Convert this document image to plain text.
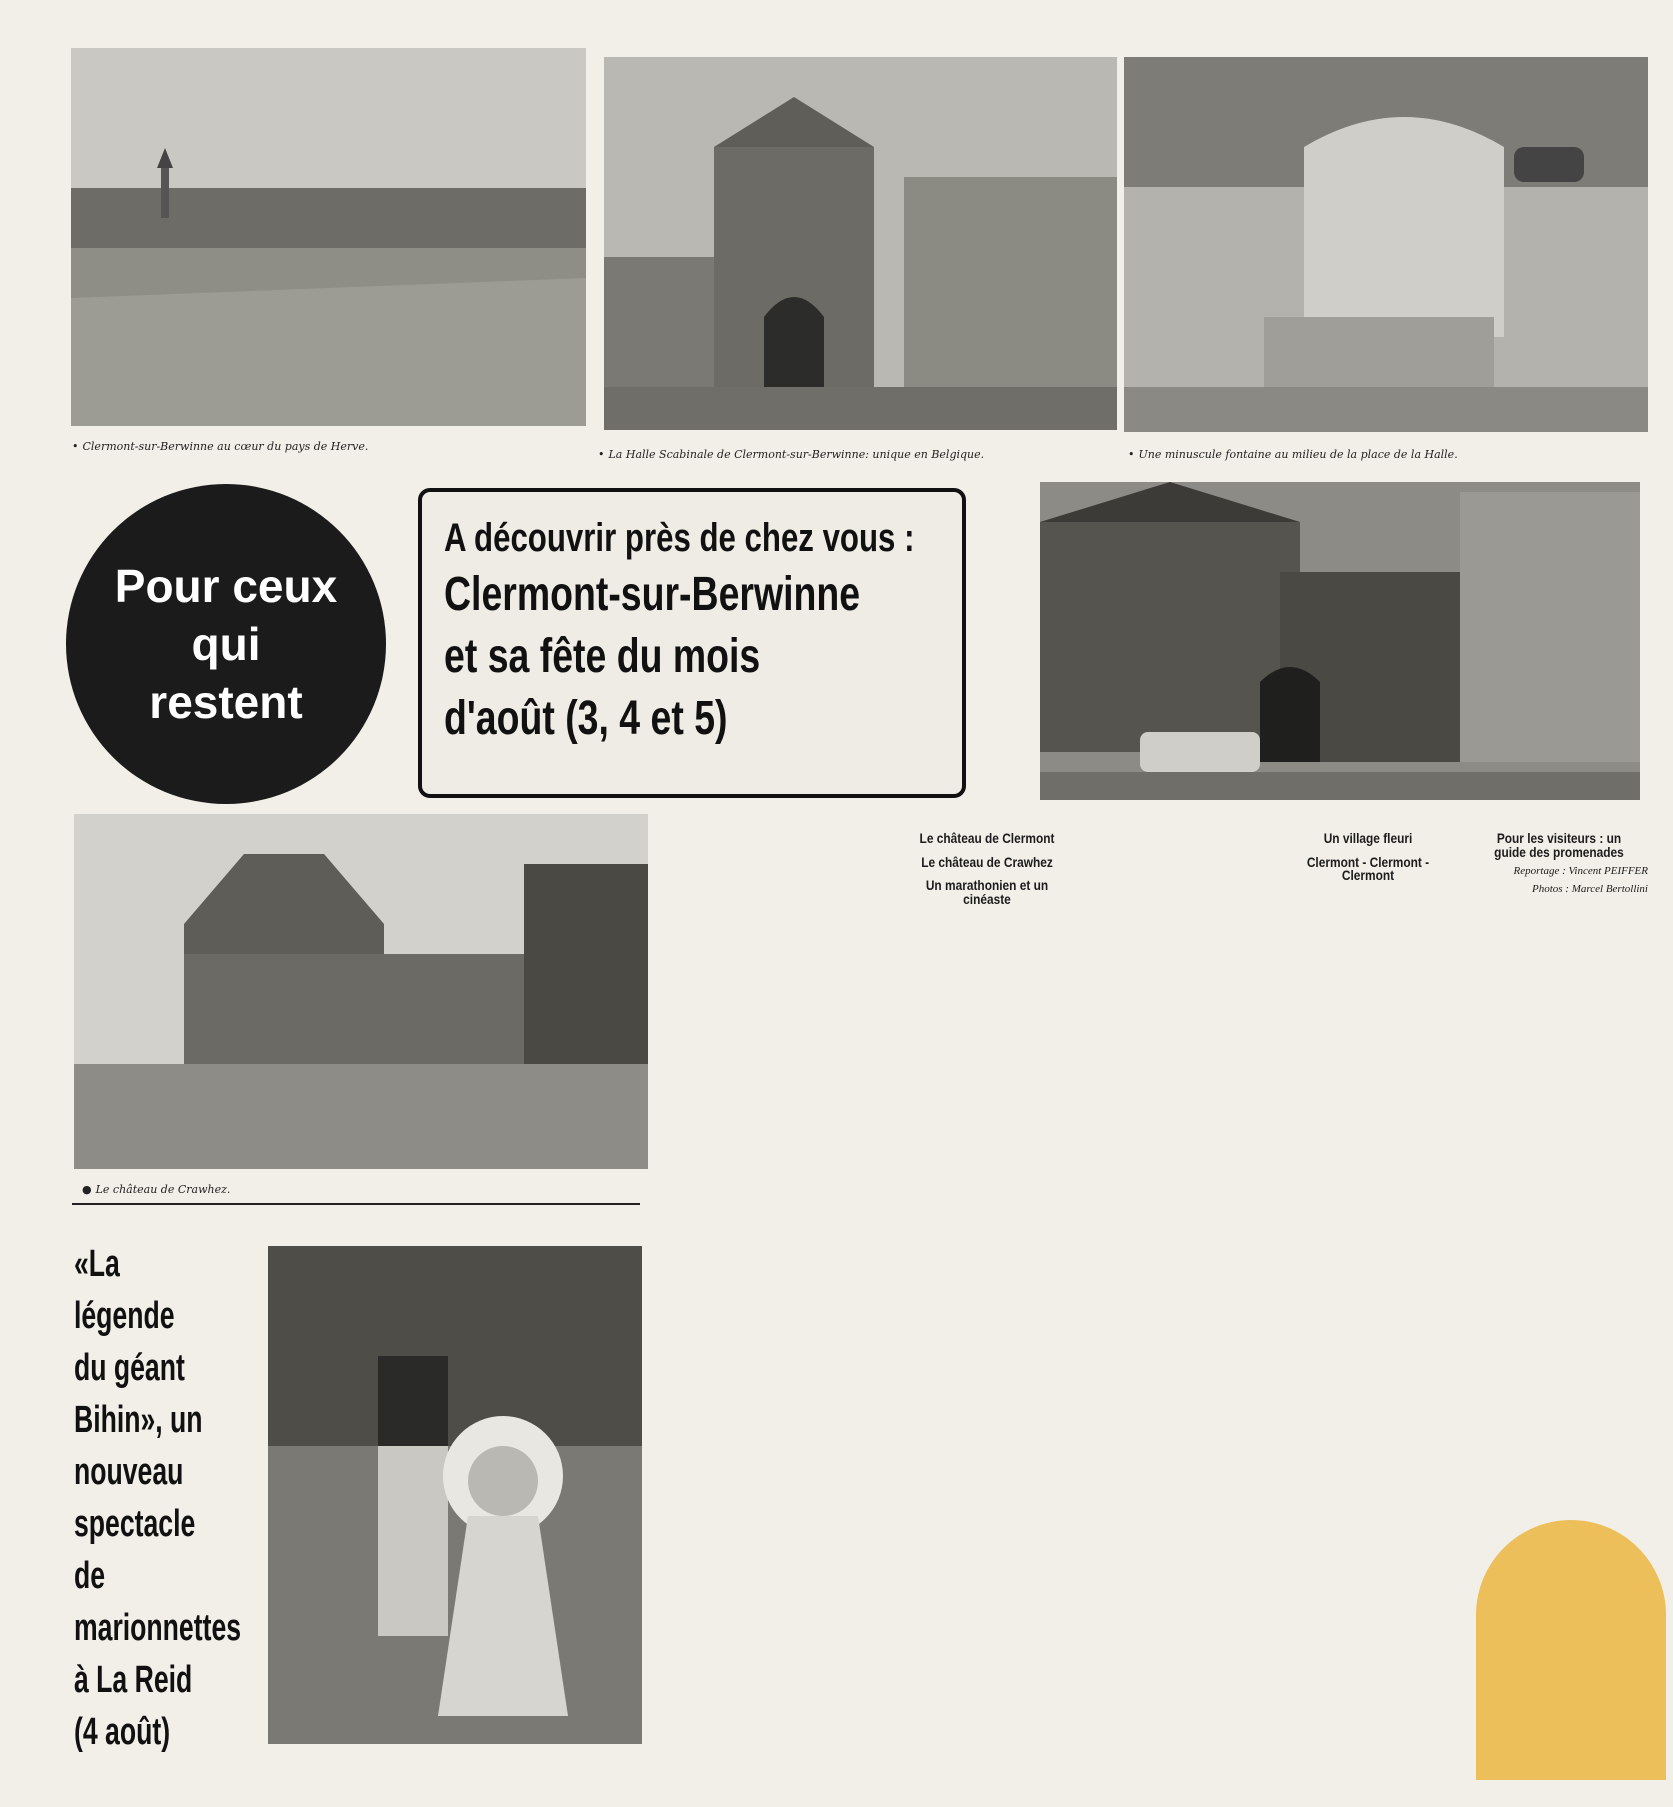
• Clermont-sur-Berwinne au cœur du pays de Herve.
• La Halle Scabinale de Clermont-sur-Berwinne: unique en Belgique.	• Une minuscule fontaine au milieu de la place de la Halle.
Pour ceux
qui
restent
A découvrir près de chez vous :
Clermont-sur-Berwinne
et sa fête du mois
d'août (3, 4 et 5)
● Le château de Crawhez.
«La légende
du géant
Bihin», un
nouveau
spectacle de
marionnettes
à La Reid
(4 août)
Le château de Clermont
Le château de Crawhez
Un marathonien et un cinéaste
Un village fleuri
Clermont - Clermont - Clermont
Pour les visiteurs : un guide des promenades

Reportage : Vincent PEIFFER

Photos : Marcel Bertollini
